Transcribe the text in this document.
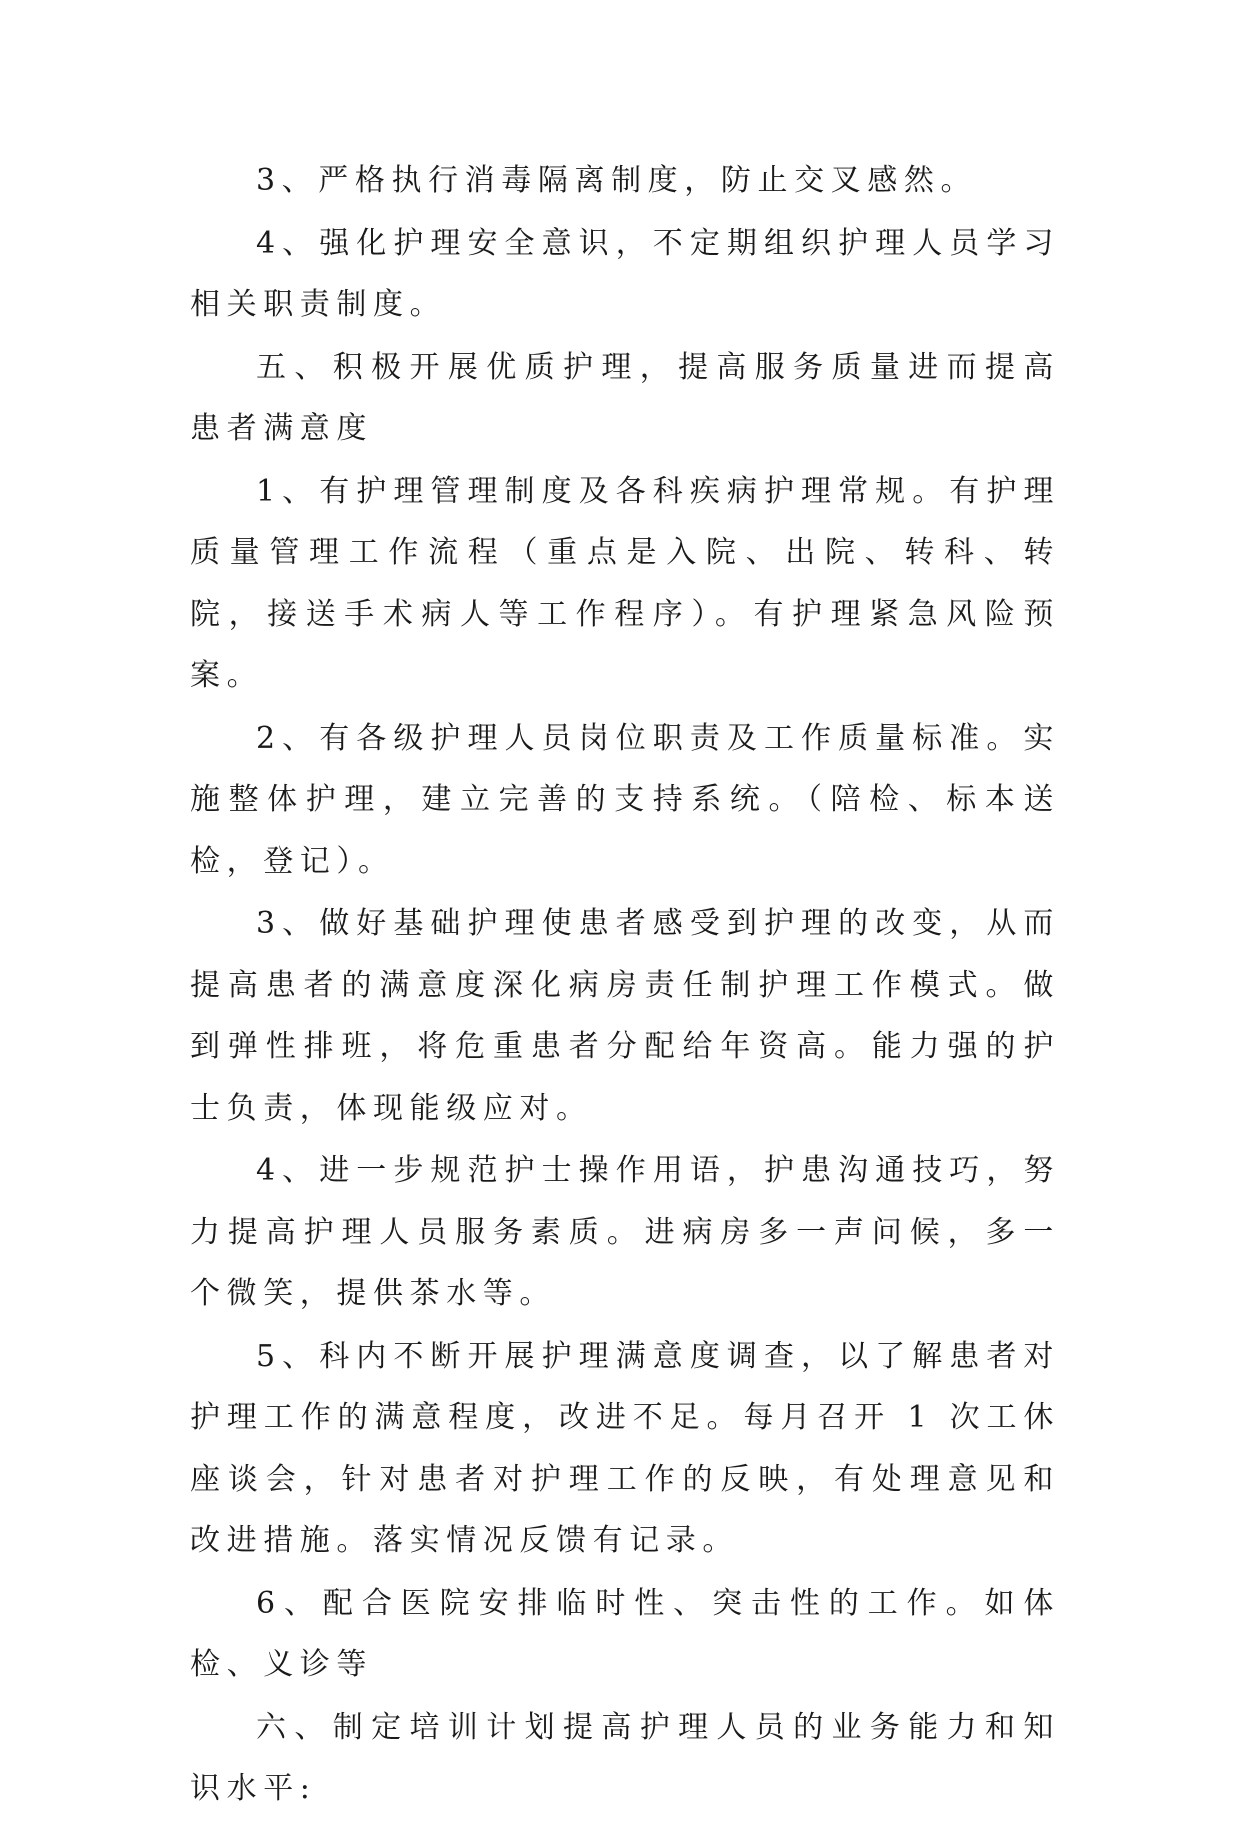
3、严格执行消毒隔离制度，防止交叉感然。

4、强化护理安全意识，不定期组织护理人员学习相关职责制度。

五、积极开展优质护理，提高服务质量进而提高患者满意度

1、有护理管理制度及各科疾病护理常规。有护理质量管理工作流程（重点是入院、出院、转科、转院，接送手术病人等工作程序）。有护理紧急风险预案。

2、有各级护理人员岗位职责及工作质量标准。实施整体护理，建立完善的支持系统。（陪检、标本送检，登记）。

3、做好基础护理使患者感受到护理的改变，从而提高患者的满意度深化病房责任制护理工作模式。做到弹性排班，将危重患者分配给年资高。能力强的护士负责，体现能级应对。

4、进一步规范护士操作用语，护患沟通技巧，努力提高护理人员服务素质。进病房多一声问候，多一个微笑，提供茶水等。

5、科内不断开展护理满意度调查，以了解患者对护理工作的满意程度，改进不足。每月召开 1 次工休座谈会，针对患者对护理工作的反映，有处理意见和改进措施。落实情况反馈有记录。

6、配合医院安排临时性、突击性的工作。如体检、义诊等

六、制定培训计划提高护理人员的业务能力和知识水平:
